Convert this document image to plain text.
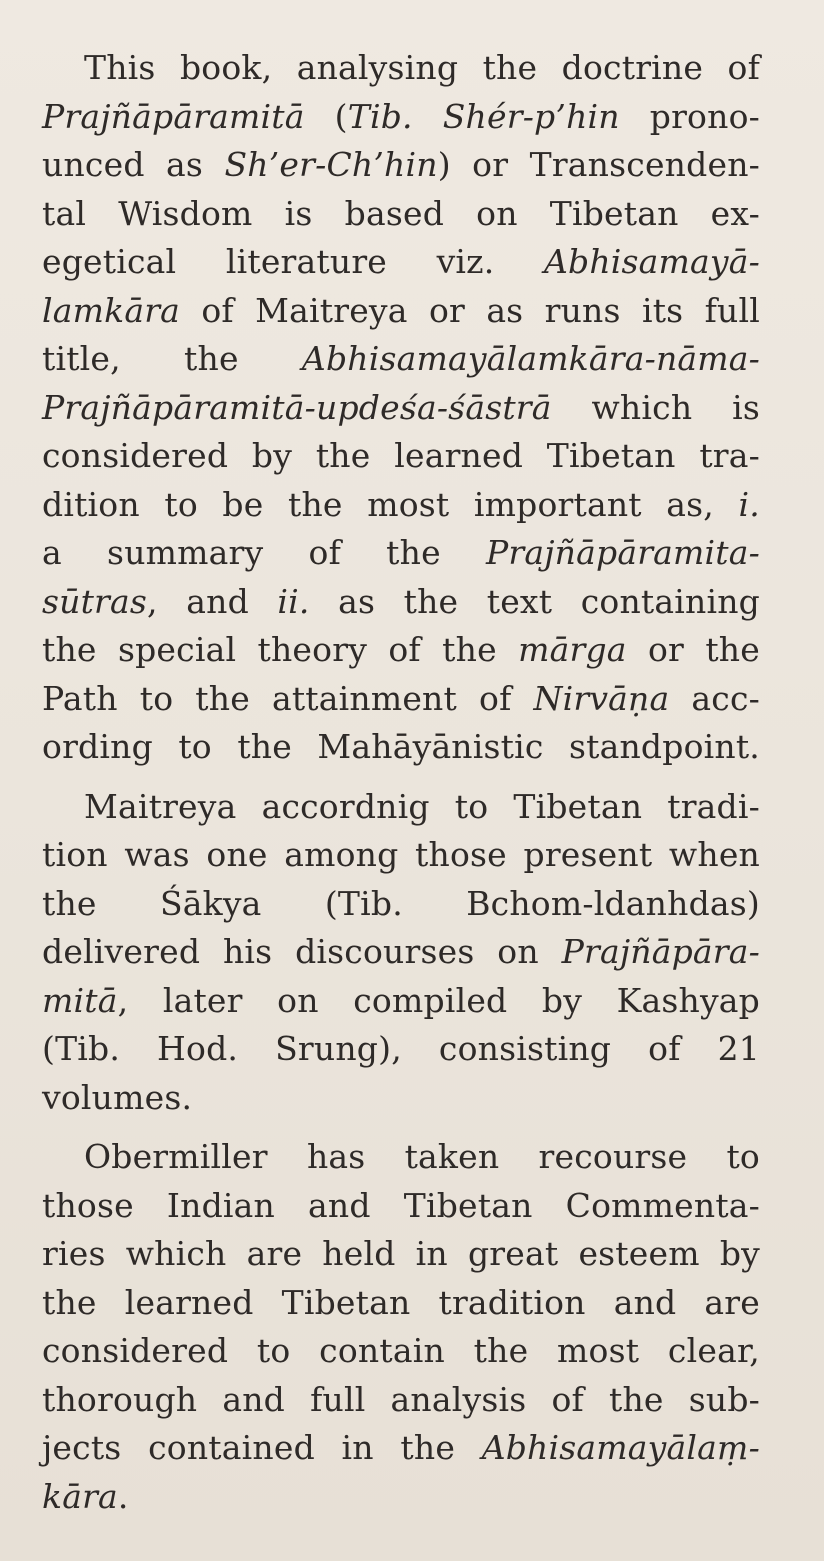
This book, analysing the doctrine of
Prajñāpāramitā (Tib. Shér-p’hin prono-
unced as Sh’er-Ch’hin) or Transcenden-
tal Wisdom is based on Tibetan ex-
egetical literature viz. Abhisamayā-
lamkāra of Maitreya or as runs its full
title, the Abhisamayālamkāra-nāma-
Prajñāpāramitā-updeśa-śāstrā which is
considered by the learned Tibetan tra-
dition to be the most important as, i.
a summary of the Prajñāpāramita-
sūtras, and ii. as the text containing
the special theory of the mārga or the
Path to the attainment of Nirvāṇa acc-
ording to the Mahāyānistic standpoint.
Maitreya accordnig to Tibetan tradi-
tion was one among those present when
the Śākya (Tib. Bchom-ldanhdas)
delivered his discourses on Prajñāpāra-
mitā, later on compiled by Kashyap
(Tib. Hod. Srung), consisting of 21
volumes.
Obermiller has taken recourse to
those Indian and Tibetan Commenta-
ries which are held in great esteem by
the learned Tibetan tradition and are
considered to contain the most clear,
thorough and full analysis of the sub-
jects contained in the Abhisamayālaṃ-
kāra.
